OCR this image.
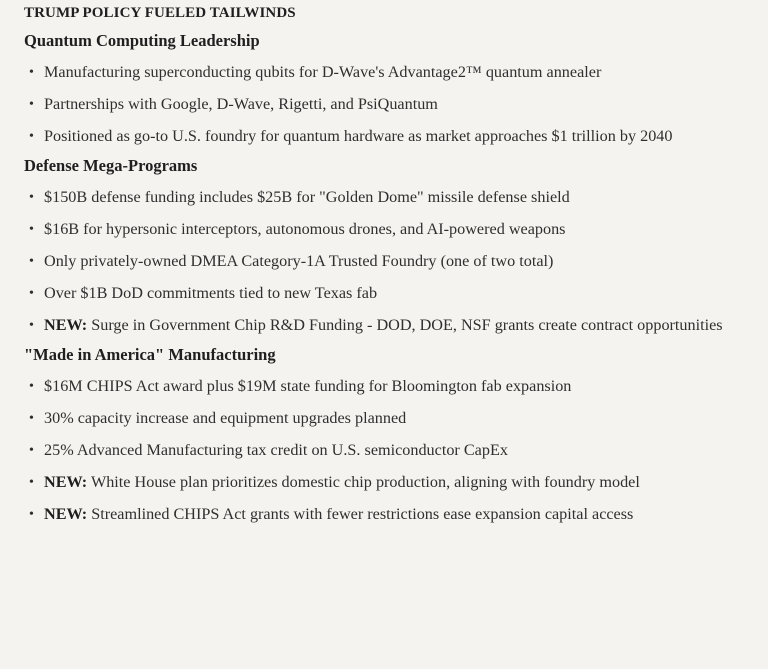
TRUMP POLICY FUELED TAILWINDS
Quantum Computing Leadership
• Manufacturing superconducting qubits for D-Wave's Advantage2™ quantum annealer
• Partnerships with Google, D-Wave, Rigetti, and PsiQuantum
• Positioned as go-to U.S. foundry for quantum hardware as market approaches $1 trillion by 2040
Defense Mega-Programs
• $150B defense funding includes $25B for "Golden Dome" missile defense shield
• $16B for hypersonic interceptors, autonomous drones, and AI-powered weapons
• Only privately-owned DMEA Category-1A Trusted Foundry (one of two total)
• Over $1B DoD commitments tied to new Texas fab
• NEW: Surge in Government Chip R&D Funding - DOD, DOE, NSF grants create contract opportunities
"Made in America" Manufacturing
• $16M CHIPS Act award plus $19M state funding for Bloomington fab expansion
• 30% capacity increase and equipment upgrades planned
• 25% Advanced Manufacturing tax credit on U.S. semiconductor CapEx
• NEW: White House plan prioritizes domestic chip production, aligning with foundry model
• NEW: Streamlined CHIPS Act grants with fewer restrictions ease expansion capital access
